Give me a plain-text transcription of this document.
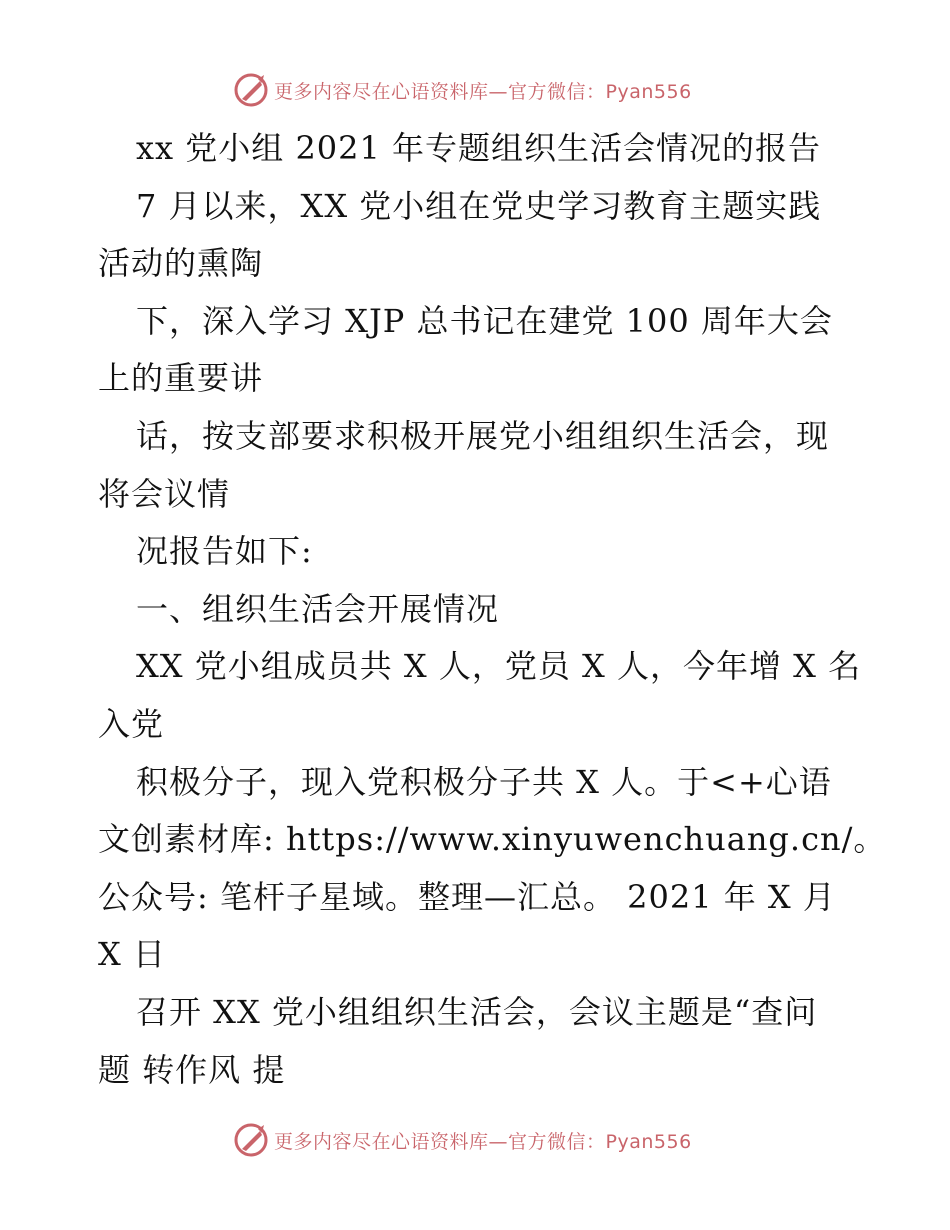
更多内容尽在心语资料库—官方微信：Pyan556
xx 党小组 2021 年专题组织生活会情况的报告
7 月以来，XX 党小组在党史学习教育主题实践
活动的熏陶
下，深入学习 XJP 总书记在建党 100 周年大会
上的重要讲
话，按支部要求积极开展党小组组织生活会，现
将会议情
况报告如下:
一、组织生活会开展情况
XX 党小组成员共 X 人，党员 X 人，今年增 X 名
入党
积极分子，现入党积极分子共 X 人。于<+心语
文创素材库: https://www.xinyuwenchuang.cn/。
公众号: 笔杆子星域。整理—汇总。 2021 年 X 月
X 日
召开 XX 党小组组织生活会，会议主题是“查问
题 转作风 提
更多内容尽在心语资料库—官方微信：Pyan556
